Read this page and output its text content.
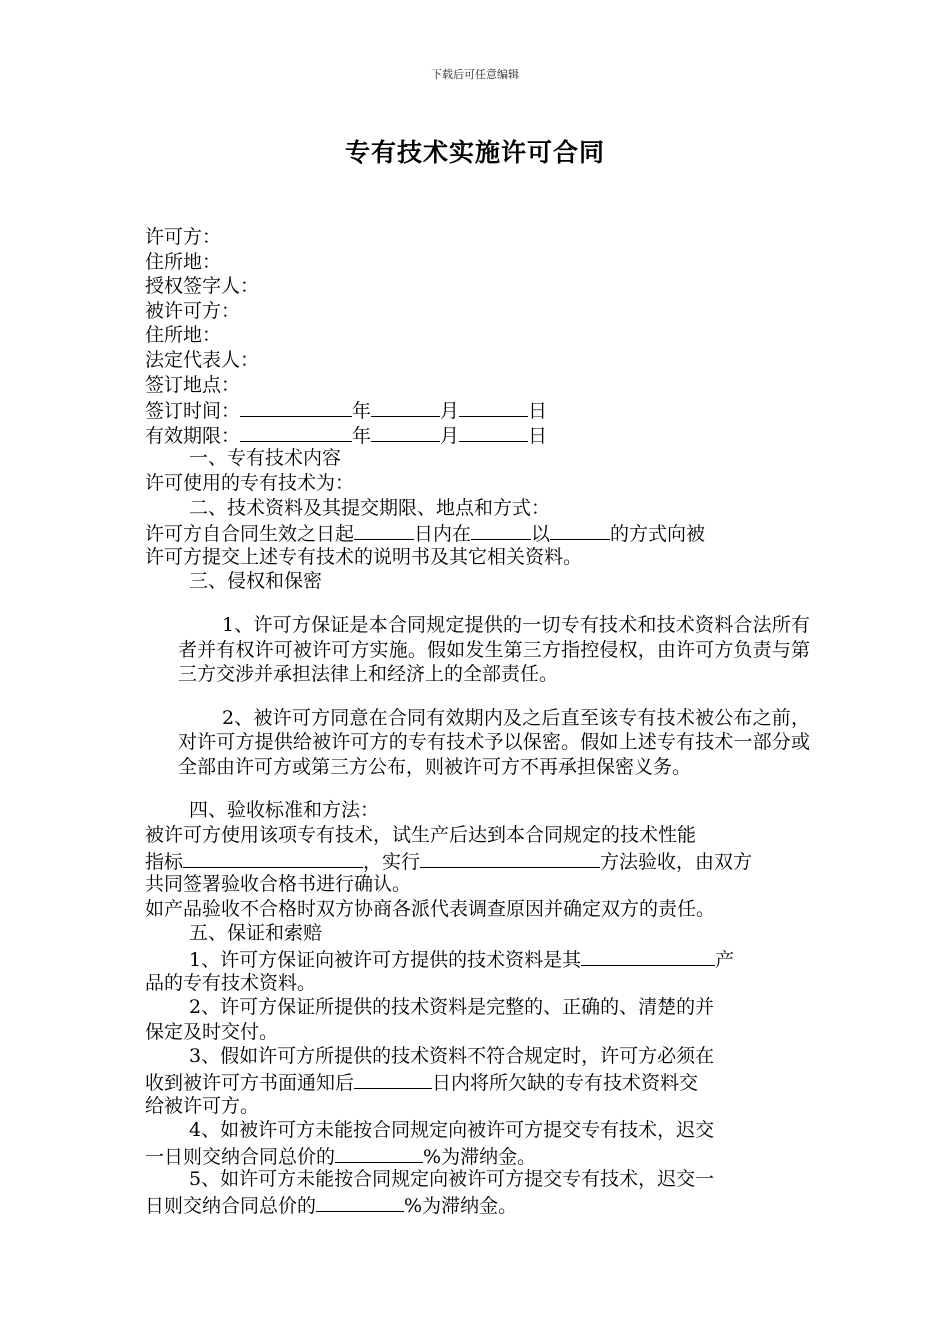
下载后可任意编辑
专有技术实施许可合同

许可方：

住所地：

授权签字人：

被许可方：

住所地：

法定代表人：

签订地点：

签订时间：	年	月	日

有效期限：	年	月	日

一、专有技术内容

许可使用的专有技术为：

二、技术资料及其提交期限、地点和方式：

许可方自合同生效之日起	日内在	以	的方式向被

许可方提交上述专有技术的说明书及其它相关资料。

三、侵权和保密

1、许可方保证是本合同规定提供的一切专有技术和技术资料合法所有者并有权许可被许可方实施。假如发生第三方指控侵权，由许可方负责与第三方交涉并承担法律上和经济上的全部责任。

2、被许可方同意在合同有效期内及之后直至该专有技术被公布之前，对许可方提供给被许可方的专有技术予以保密。假如上述专有技术一部分或全部由许可方或第三方公布，则被许可方不再承担保密义务。

四、验收标准和方法：

被许可方使用该项专有技术，试生产后达到本合同规定的技术性能

指标	，实行	方法验收，由双方

共同签署验收合格书进行确认。

如产品验收不合格时双方协商各派代表调查原因并确定双方的责任。

五、保证和索赔

1、许可方保证向被许可方提供的技术资料是其	产

品的专有技术资料。

2、许可方保证所提供的技术资料是完整的、正确的、清楚的并

保定及时交付。

3、假如许可方所提供的技术资料不符合规定时，许可方必须在

收到被许可方书面通知后	日内将所欠缺的专有技术资料交

给被许可方。

4、如被许可方未能按合同规定向被许可方提交专有技术，迟交

一日则交纳合同总价的	%为滞纳金。

5、如许可方未能按合同规定向被许可方提交专有技术，迟交一

日则交纳合同总价的	%为滞纳金。
